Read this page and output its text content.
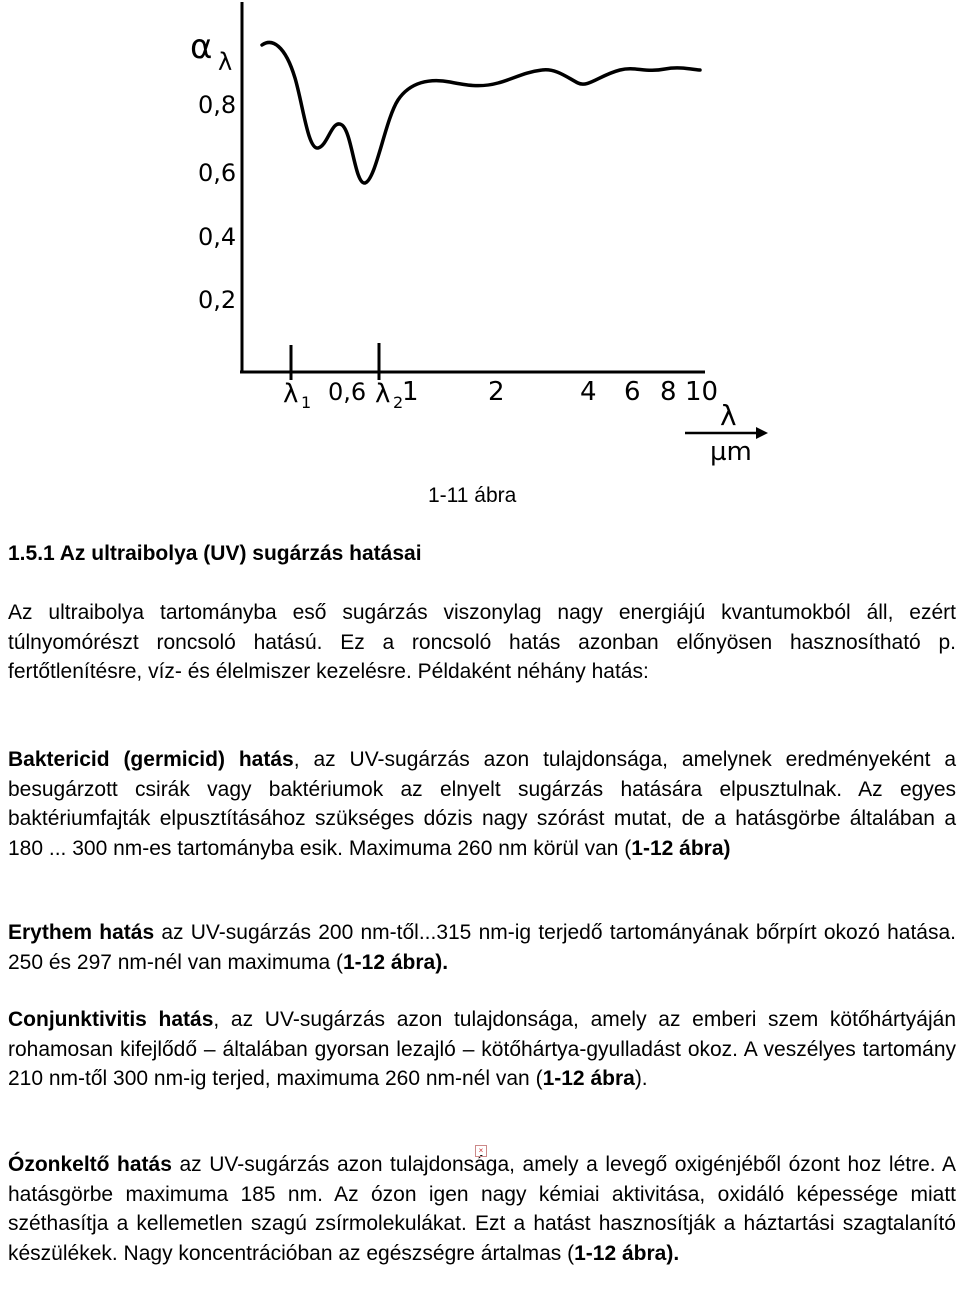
α λ
0,8
0,6
0,4
0,2
λ 1 0,6 λ 2
1	2	4 6 8 10
λ
µm
1-11 ábra
1.5.1 Az ultraibolya (UV) sugárzás hatásai

Az ultraibolya tartományba eső sugárzás viszonylag nagy energiájú kvantumokból áll, ezért túlnyomórészt roncsoló hatású. Ez a roncsoló hatás azonban előnyösen hasznosítható p. fertőtlenítésre, víz- és élelmiszer kezelésre. Példaként néhány hatás:

Baktericid (germicid) hatás, az UV-sugárzás azon tulajdonsága, amelynek eredményeként a besugárzott csirák vagy baktériumok az elnyelt sugárzás hatására elpusztulnak. Az egyes baktériumfajták elpusztításához szükséges dózis nagy szórást mutat, de a hatásgörbe általában a 180 ... 300 nm-es tartományba esik. Maximuma 260 nm körül van (1-12 ábra)

Erythem hatás az UV-sugárzás 200 nm-től...315 nm-ig terjedő tartományának bőrpírt okozó hatása. 250 és 297 nm-nél van maximuma (1-12 ábra).

Conjunktivitis hatás, az UV-sugárzás azon tulajdonsága, amely az emberi szem kötőhártyáján rohamosan kifejlődő – általában gyorsan lezajló – kötőhártya-gyulladást okoz. A veszélyes tartomány 210 nm-től 300 nm-ig terjed, maximuma 260 nm-nél van (1-12 ábra).

Ózonkeltő hatás az UV-sugárzás azon tulajdonsága, amely a levegő oxigénjéből ózont hoz létre. A hatásgörbe maximuma 185 nm. Az ózon igen nagy kémiai aktivitása, oxidáló képessége miatt széthasítja a kellemetlen szagú zsírmolekulákat. Ezt a hatást hasznosítják a háztartási szagtalanító készülékek. Nagy koncentrációban az egészségre ártalmas (1-12 ábra).

×
